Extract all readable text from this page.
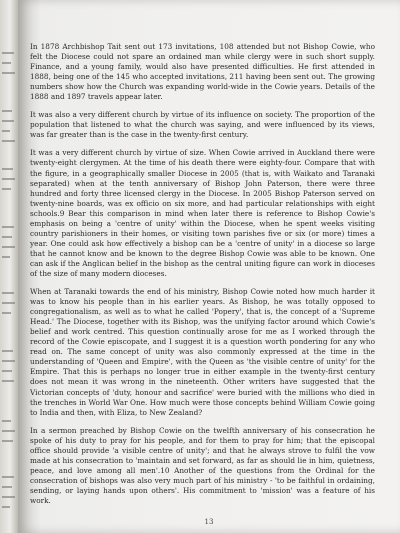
In 1878 Archbishop Tait sent out 173 invitations, 108 attended but not Bishop Cowie, who felt the Diocese could not spare an ordained man while clergy were in such short supply. Finance, and a young family, would also have presented difficulties. He first attended in 1888, being one of the 145 who accepted invitations, 211 having been sent out. The growing numbers show how the Church was expanding world-wide in the Cowie years. Details of the 1888 and 1897 travels appear later.

It was also a very different church by virtue of its influence on society. The proportion of the population that listened to what the church was saying, and were influenced by its views, was far greater than is the case in the twenty-first century.

It was a very different church by virtue of size. When Cowie arrived in Auckland there were twenty-eight clergymen. At the time of his death there were eighty-four. Compare that with the figure, in a geographically smaller Diocese in 2005 (that is, with Waikato and Taranaki separated) when at the tenth anniversary of Bishop John Paterson, there were three hundred and forty three licensed clergy in the Diocese. In 2005 Bishop Paterson served on twenty-nine boards, was ex officio on six more, and had particular relationships with eight schools.9 Bear this comparison in mind when later there is reference to Bishop Cowie's emphasis on being a 'centre of unity' within the Diocese, when he spent weeks visiting country parishioners in their homes, or visiting town parishes five or six (or more) times a year. One could ask how effectively a bishop can be a 'centre of unity' in a diocese so large that he cannot know and be known to the degree Bishop Cowie was able to be known. One can ask if the Anglican belief in the bishop as the central uniting figure can work in dioceses of the size of many modern dioceses.

When at Taranaki towards the end of his ministry, Bishop Cowie noted how much harder it was to know his people than in his earlier years. As Bishop, he was totally opposed to congregationalism, as well as to what he called 'Popery', that is, the concept of a 'Supreme Head.' The Diocese, together with its Bishop, was the unifying factor around which Cowie's belief and work centred. This question continually arose for me as I worked through the record of the Cowie episcopate, and I suggest it is a question worth pondering for any who read on. The same concept of unity was also commonly expressed at the time in the understanding of 'Queen and Empire', with the Queen as 'the visible centre of unity' for the Empire. That this is perhaps no longer true in either example in the twenty-first century does not mean it was wrong in the nineteenth. Other writers have suggested that the Victorian concepts of 'duty, honour and sacrifice' were buried with the millions who died in the trenches in World War One. How much were those concepts behind William Cowie going to India and then, with Eliza, to New Zealand?

In a sermon preached by Bishop Cowie on the twelfth anniversary of his consecration he spoke of his duty to pray for his people, and for them to pray for him; that the episcopal office should provide 'a visible centre of unity'; and that he always strove to fulfil the vow made at his consecration to 'maintain and set forward, as far as should lie in him, quietness, peace, and love among all men'.10 Another of the questions from the Ordinal for the consecration of bishops was also very much part of his ministry - 'to be faithful in ordaining, sending, or laying hands upon others'. His commitment to 'mission' was a feature of his work.

13
